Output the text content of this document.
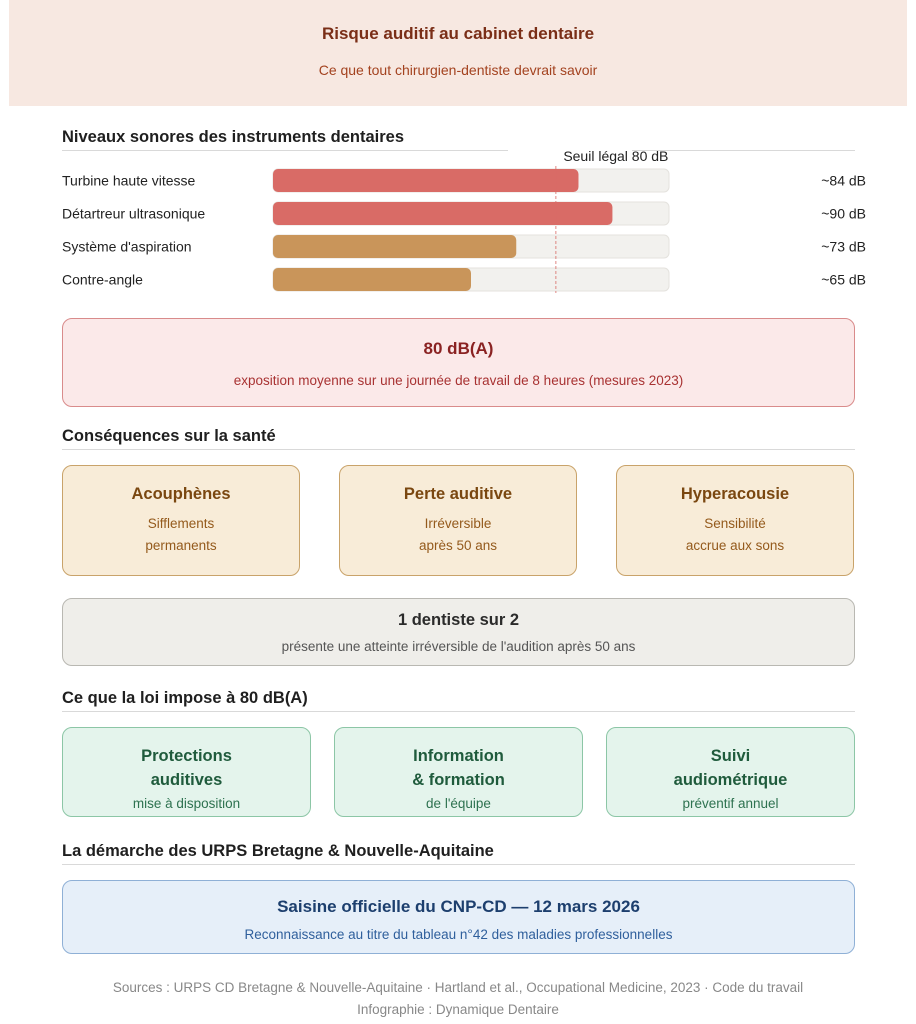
Risque auditif au cabinet dentaire
Ce que tout chirurgien-dentiste devrait savoir
Niveaux sonores des instruments dentaires
Turbine haute vitesse	~84 dB
Détartreur ultrasonique	~90 dB
Système d'aspiration	~73 dB
Contre-angle	~65 dB
Seuil légal 80 dB
80 dB(A)
exposition moyenne sur une journée de travail de 8 heures (mesures 2023)
Conséquences sur la santé
Acouphènes
Sifflements
permanents
Perte auditive
Irréversible
après 50 ans
Hyperacousie
Sensibilité
accrue aux sons
1 dentiste sur 2
présente une atteinte irréversible de l'audition après 50 ans
Ce que la loi impose à 80 dB(A)
Protections
auditives
mise à disposition
Information
& formation
de l'équipe
Suivi
audiométrique
préventif annuel
La démarche des URPS Bretagne & Nouvelle-Aquitaine
Saisine officielle du CNP-CD — 12 mars 2026
Reconnaissance au titre du tableau n°42 des maladies professionnelles
Sources : URPS CD Bretagne & Nouvelle-Aquitaine · Hartland et al., Occupational Medicine, 2023 · Code du travail
Infographie : Dynamique Dentaire
